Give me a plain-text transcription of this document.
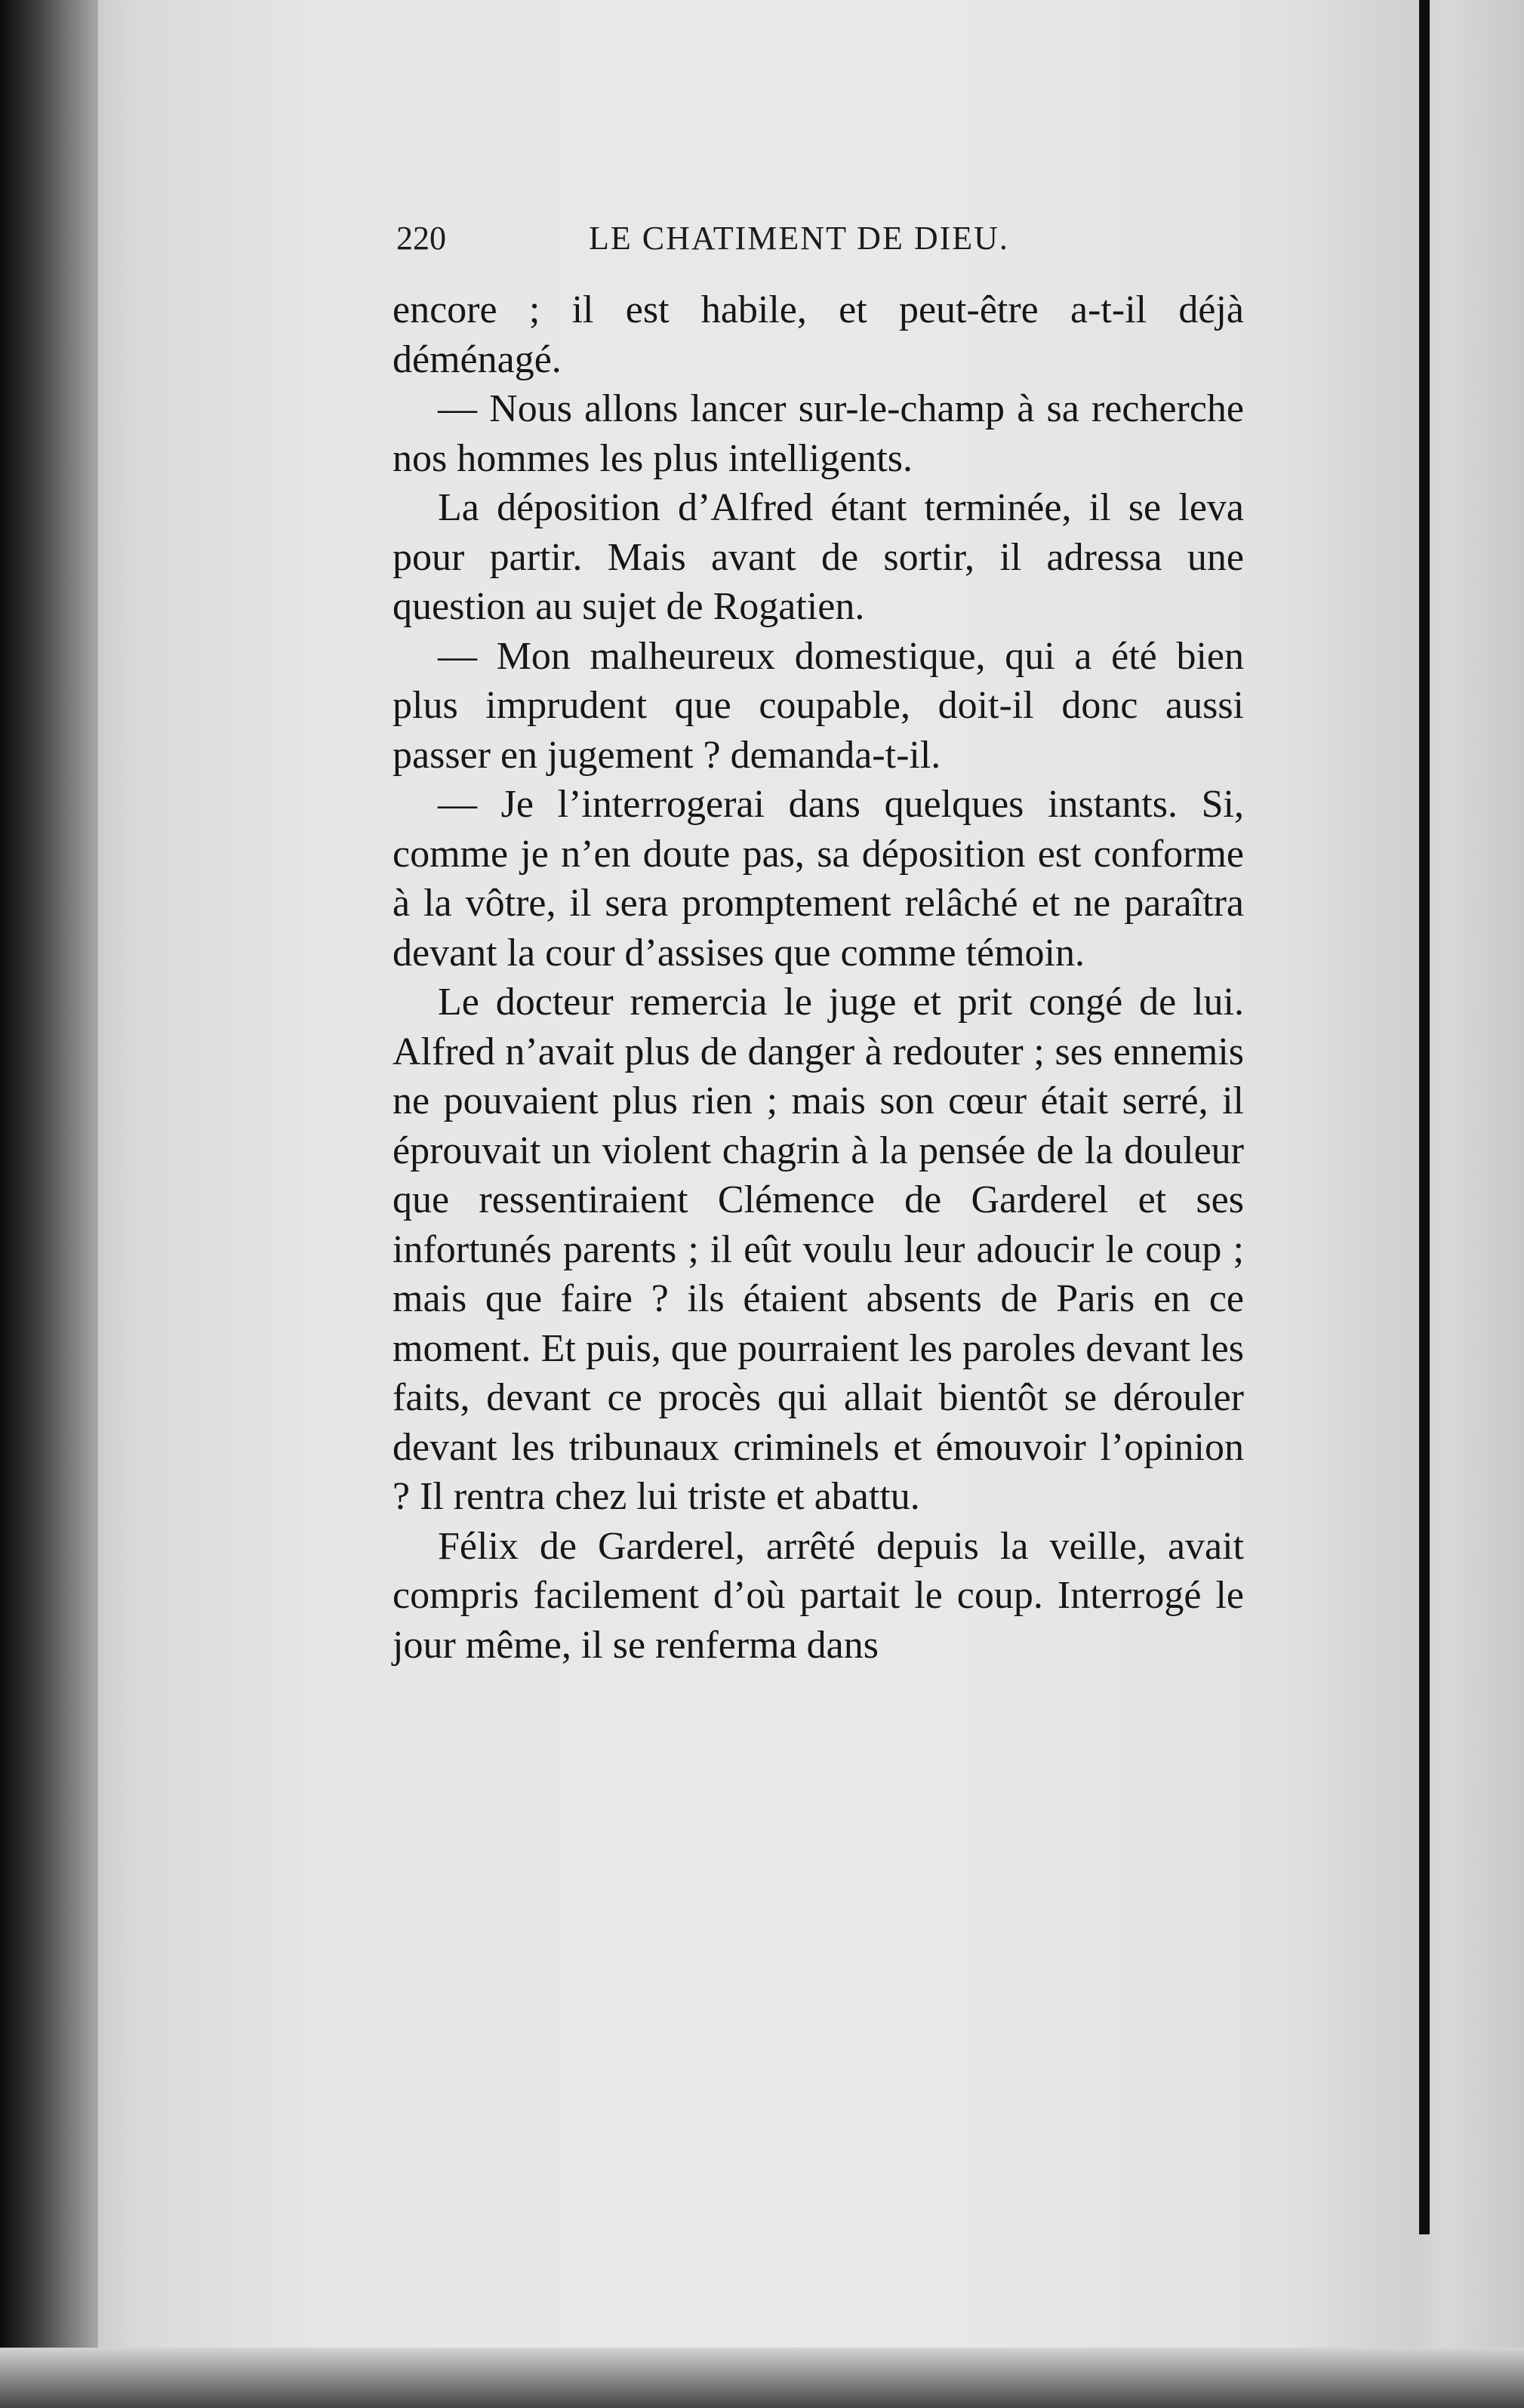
220	LE CHATIMENT DE DIEU.

encore ; il est habile, et peut-être a-t-il déjà déménagé.

— Nous allons lancer sur-le-champ à sa recherche nos hommes les plus intelligents.

La déposition d’Alfred étant terminée, il se leva pour partir. Mais avant de sortir, il adressa une question au sujet de Rogatien.

— Mon malheureux domestique, qui a été bien plus imprudent que coupable, doit-il donc aussi passer en jugement ? demanda-t-il.

— Je l’interrogerai dans quelques instants. Si, comme je n’en doute pas, sa déposition est conforme à la vôtre, il sera promptement relâché et ne paraîtra devant la cour d’assises que comme témoin.

Le docteur remercia le juge et prit congé de lui. Alfred n’avait plus de danger à redouter ; ses ennemis ne pouvaient plus rien ; mais son cœur était serré, il éprouvait un violent chagrin à la pensée de la douleur que ressentiraient Clémence de Garderel et ses infortunés parents ; il eût voulu leur adoucir le coup ; mais que faire ? ils étaient absents de Paris en ce moment. Et puis, que pourraient les paroles devant les faits, devant ce procès qui allait bientôt se dérouler devant les tribunaux criminels et émouvoir l’opinion ? Il rentra chez lui triste et abattu.

Félix de Garderel, arrêté depuis la veille, avait compris facilement d’où partait le coup. Interrogé le jour même, il se renferma dans
